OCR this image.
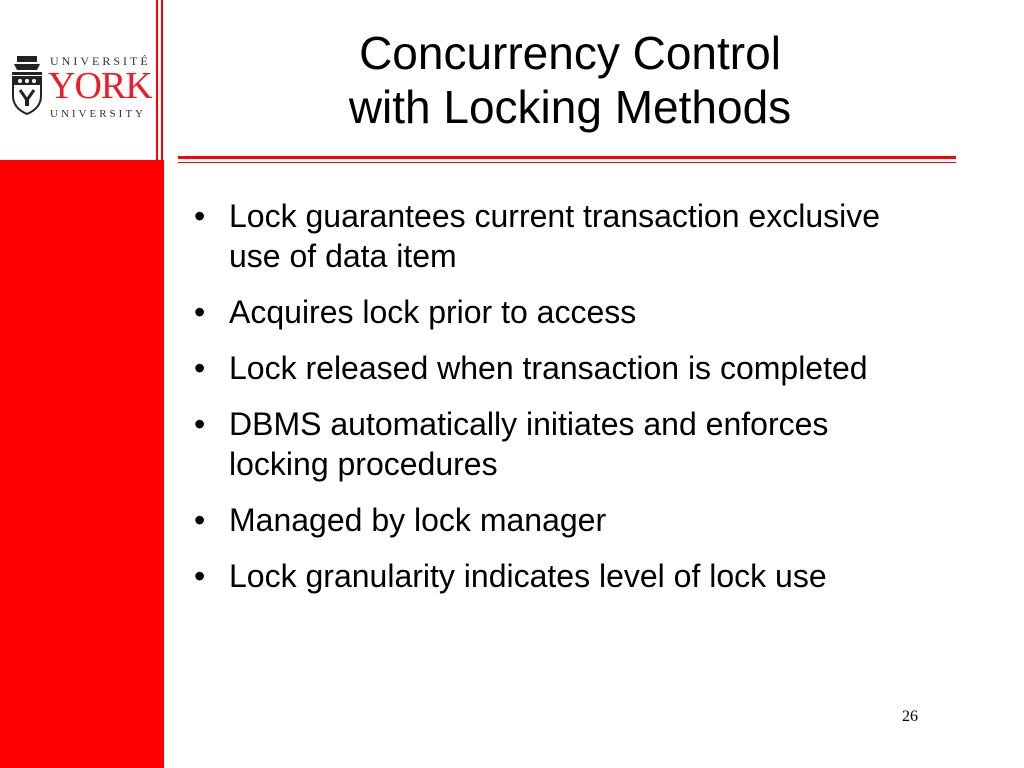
UNIVERSITÉ
YORK
UNIVERSITY
Concurrency Control
with Locking Methods
• Lock guarantees current transaction exclusive use of data item
• Acquires lock prior to access
• Lock released when transaction is completed
• DBMS automatically initiates and enforces locking procedures
• Managed by lock manager
• Lock granularity indicates level of lock use
26
